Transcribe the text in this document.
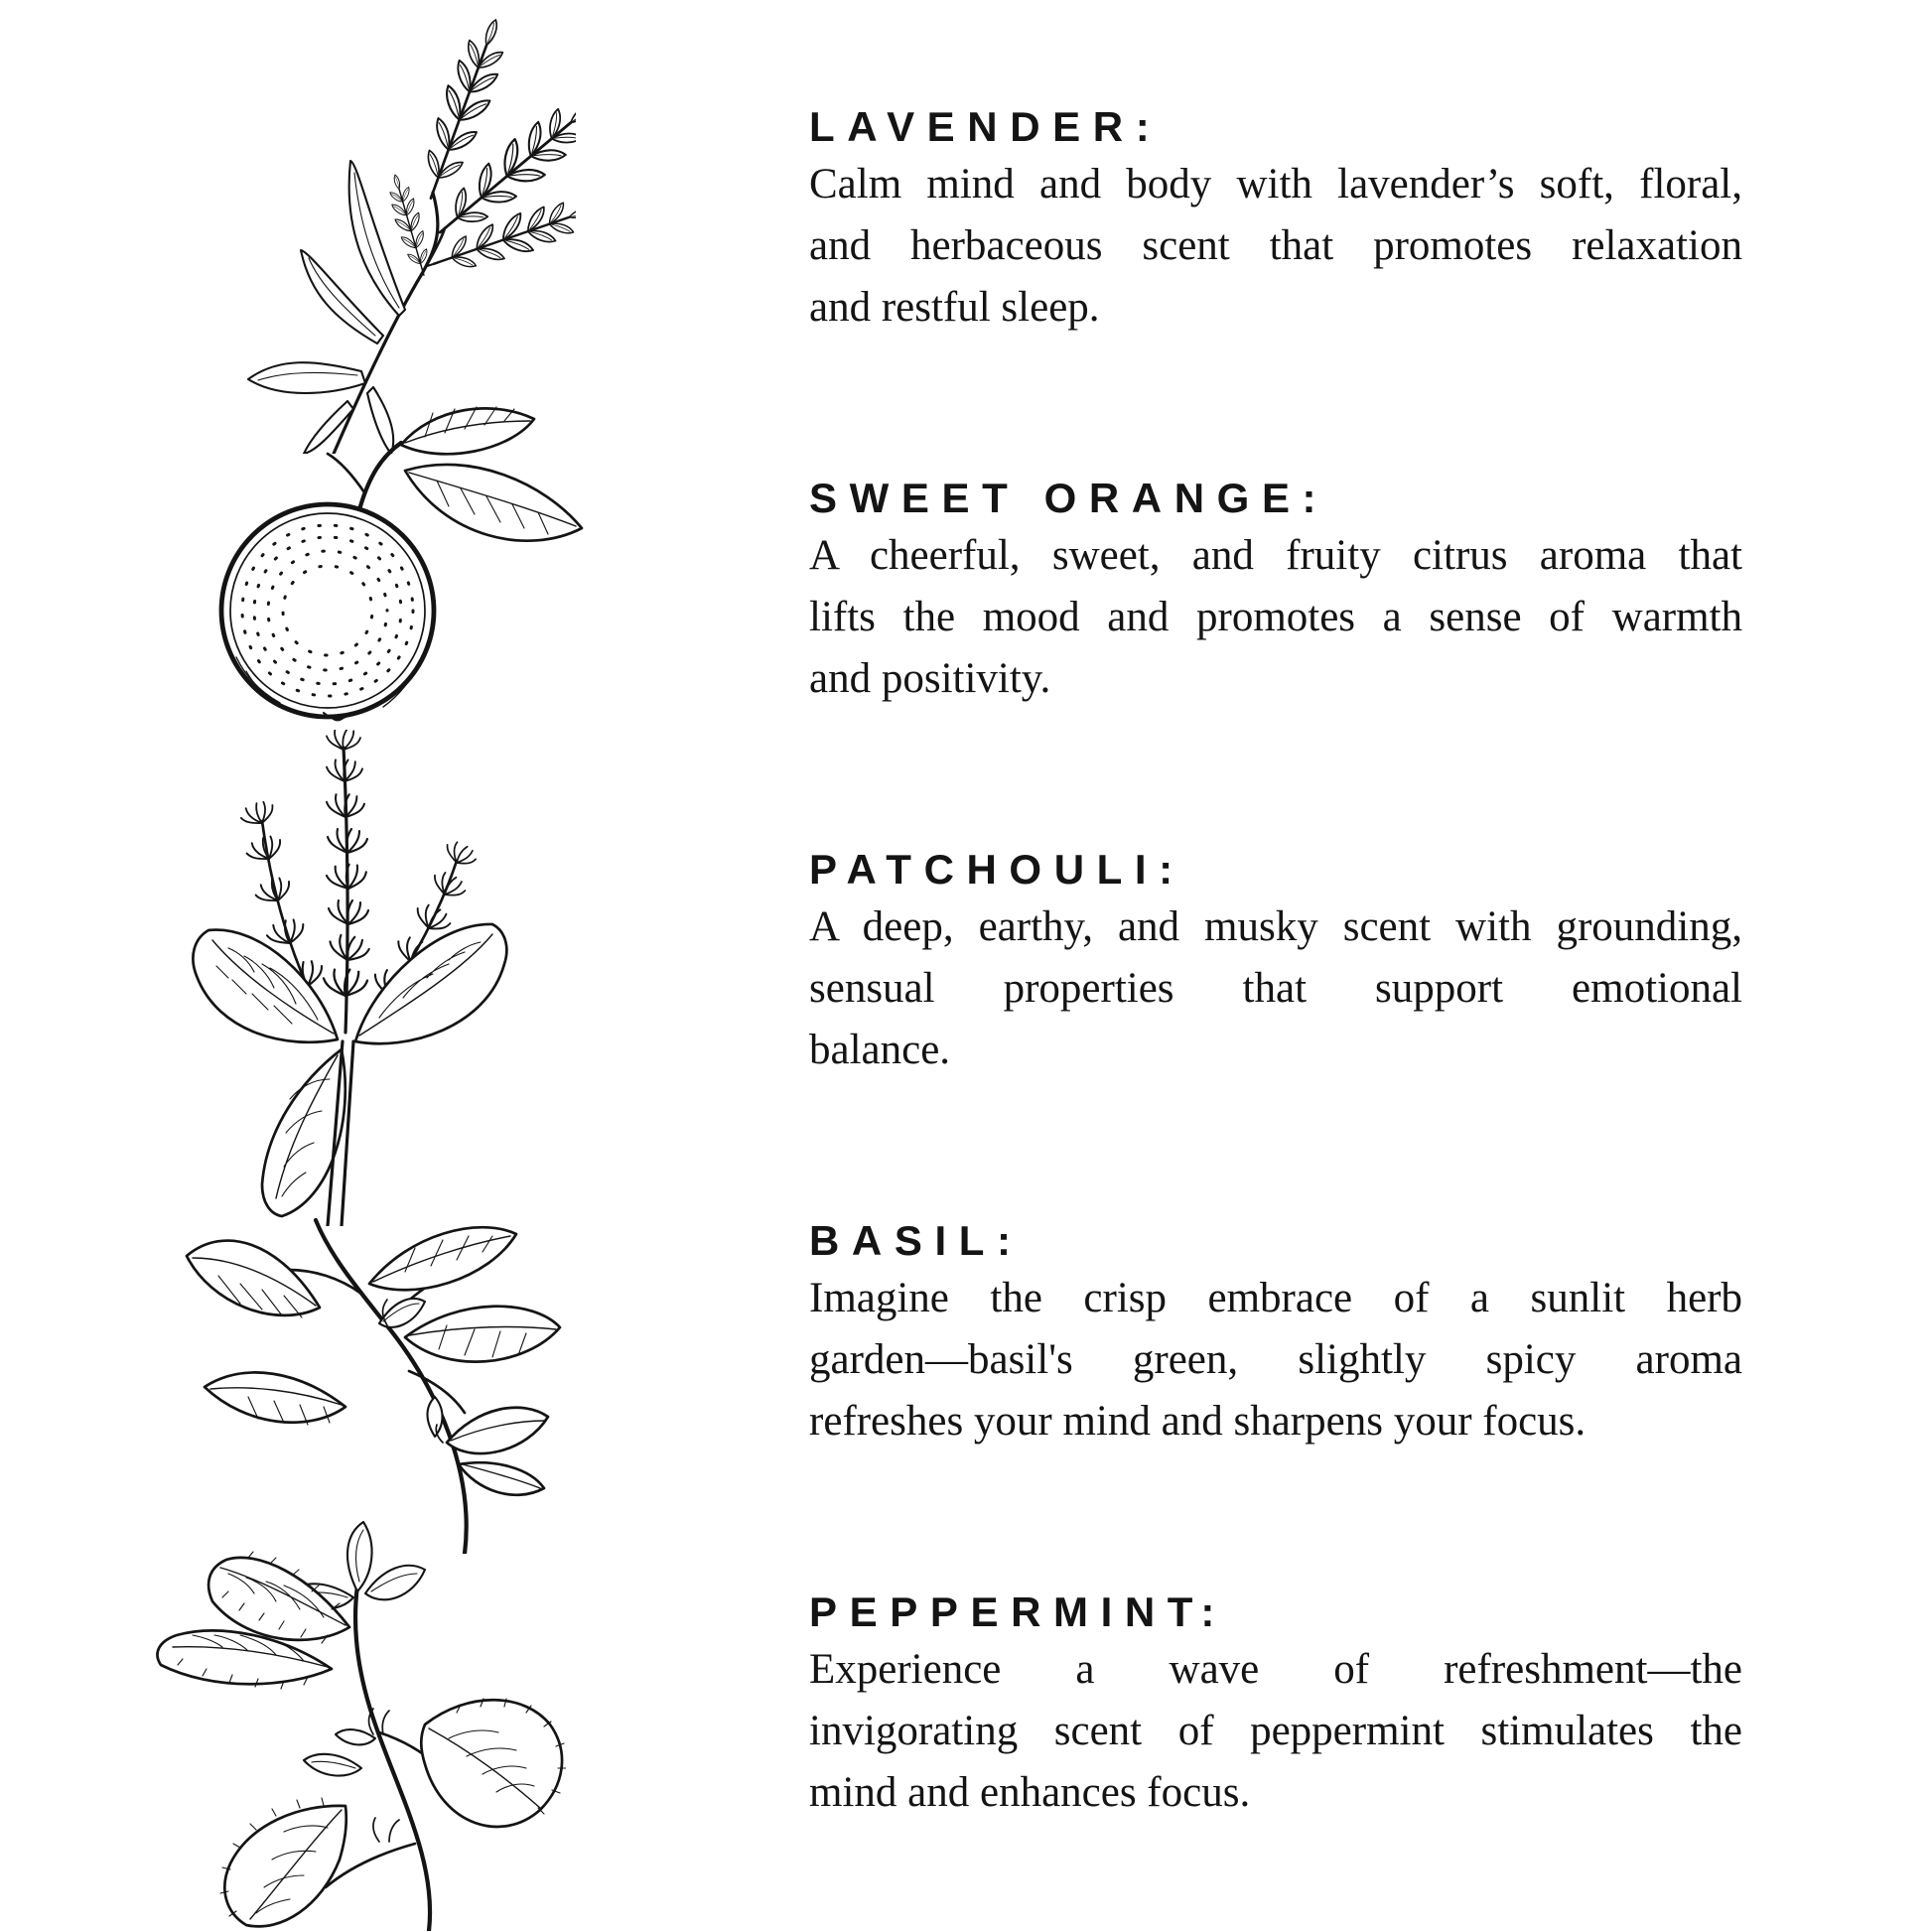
LAVENDER:

Calm mind and body with lavender’s soft, floral,
and herbaceous scent that promotes relaxation
and restful sleep.

SWEET ORANGE:

A cheerful, sweet, and fruity citrus aroma that
lifts the mood and promotes a sense of warmth
and positivity.

PATCHOULI:

A deep, earthy, and musky scent with grounding,
sensual properties that support emotional
balance.

BASIL:

Imagine the crisp embrace of a sunlit herb
garden—basil's green, slightly spicy aroma
refreshes your mind and sharpens your focus.

PEPPERMINT:

Experience a wave of refreshment—the
invigorating scent of peppermint stimulates the
mind and enhances focus.
